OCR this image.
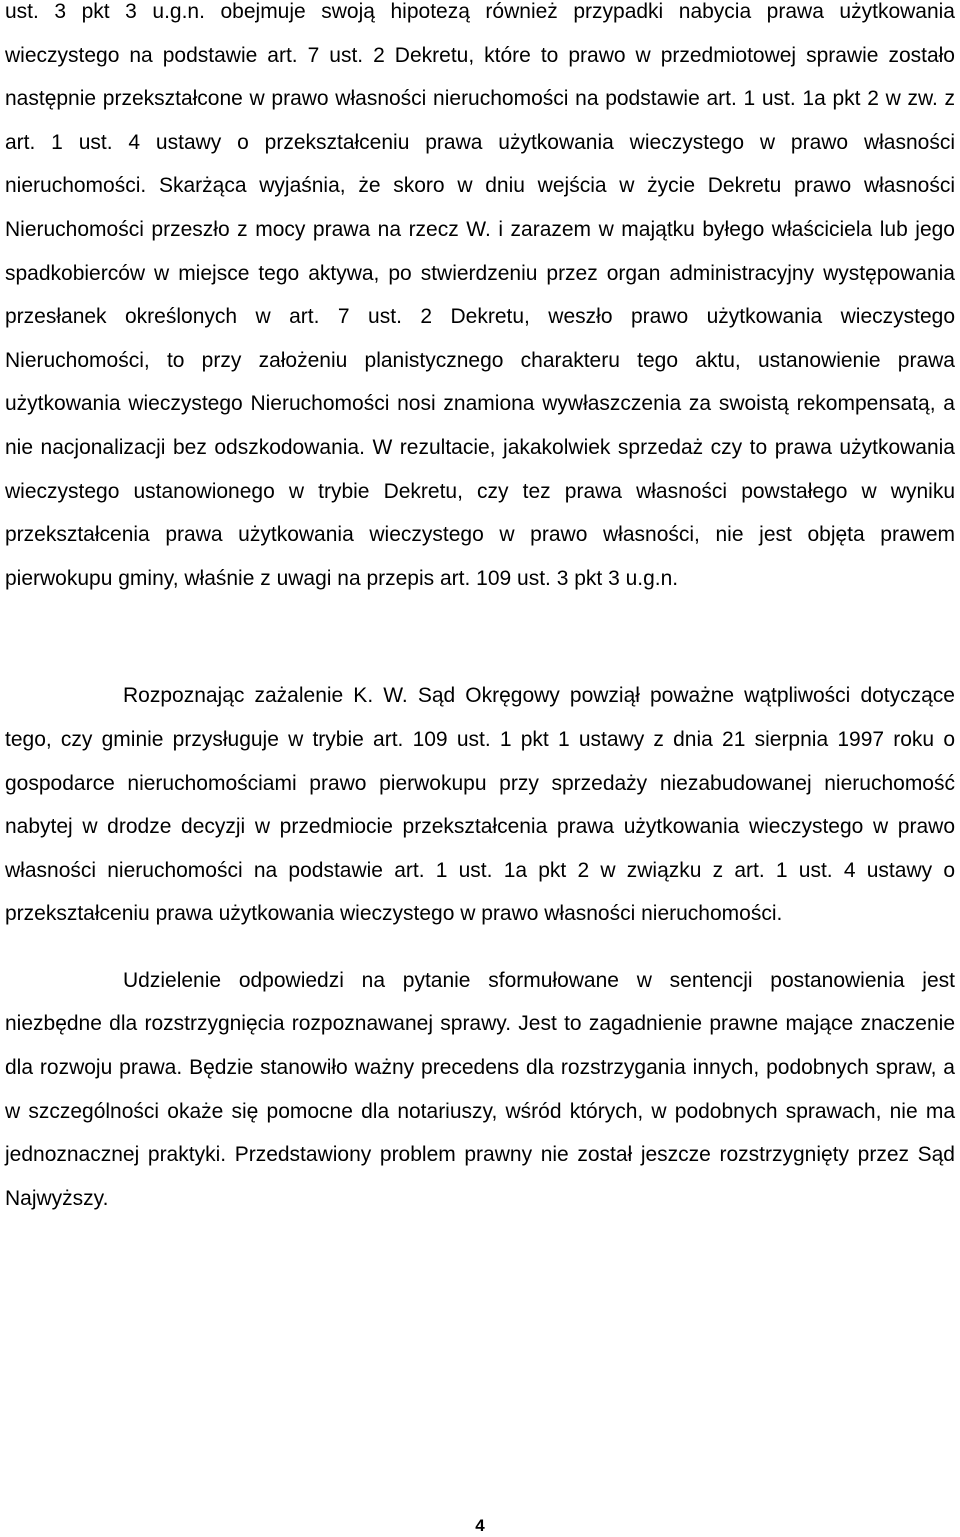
ust. 3 pkt 3 u.g.n. obejmuje swoją hipotezą również przypadki nabycia prawa użytkowania wieczystego na podstawie art. 7 ust. 2 Dekretu, które to prawo w przedmiotowej sprawie zostało następnie przekształcone w prawo własności nieruchomości na podstawie art. 1 ust. 1a pkt 2 w zw. z art. 1 ust. 4 ustawy o przekształceniu prawa użytkowania wieczystego w prawo własności nieruchomości. Skarżąca wyjaśnia, że skoro w dniu wejścia w życie Dekretu prawo własności Nieruchomości przeszło z mocy prawa na rzecz W. i zarazem w majątku byłego właściciela lub jego spadkobierców w miejsce tego aktywa, po stwierdzeniu przez organ administracyjny występowania przesłanek określonych w art. 7 ust. 2 Dekretu, weszło prawo użytkowania wieczystego Nieruchomości, to przy założeniu planistycznego charakteru tego aktu, ustanowienie prawa użytkowania wieczystego Nieruchomości nosi znamiona wywłaszczenia za swoistą rekompensatą, a nie nacjonalizacji bez odszkodowania. W rezultacie, jakakolwiek sprzedaż czy to prawa użytkowania wieczystego ustanowionego w trybie Dekretu, czy tez prawa własności powstałego w wyniku przekształcenia prawa użytkowania wieczystego w prawo własności, nie jest objęta prawem pierwokupu gminy, właśnie z uwagi na przepis art. 109 ust. 3 pkt 3 u.g.n.

Rozpoznając zażalenie K. W. Sąd Okręgowy powziął poważne wątpliwości dotyczące tego, czy gminie przysługuje w trybie art. 109 ust. 1 pkt 1 ustawy z dnia 21 sierpnia 1997 roku o gospodarce nieruchomościami prawo pierwokupu przy sprzedaży niezabudowanej nieruchomość nabytej w drodze decyzji w przedmiocie przekształcenia prawa użytkowania wieczystego w prawo własności nieruchomości na podstawie art. 1 ust. 1a pkt 2 w związku z art. 1 ust. 4 ustawy o przekształceniu prawa użytkowania wieczystego w prawo własności nieruchomości.

Udzielenie odpowiedzi na pytanie sformułowane w sentencji postanowienia jest niezbędne dla rozstrzygnięcia rozpoznawanej sprawy. Jest to zagadnienie prawne mające znaczenie dla rozwoju prawa. Będzie stanowiło ważny precedens dla rozstrzygania innych, podobnych spraw, a w szczególności okaże się pomocne dla notariuszy, wśród których, w podobnych sprawach, nie ma jednoznacznej praktyki. Przedstawiony problem prawny nie został jeszcze rozstrzygnięty przez Sąd Najwyższy.

4
